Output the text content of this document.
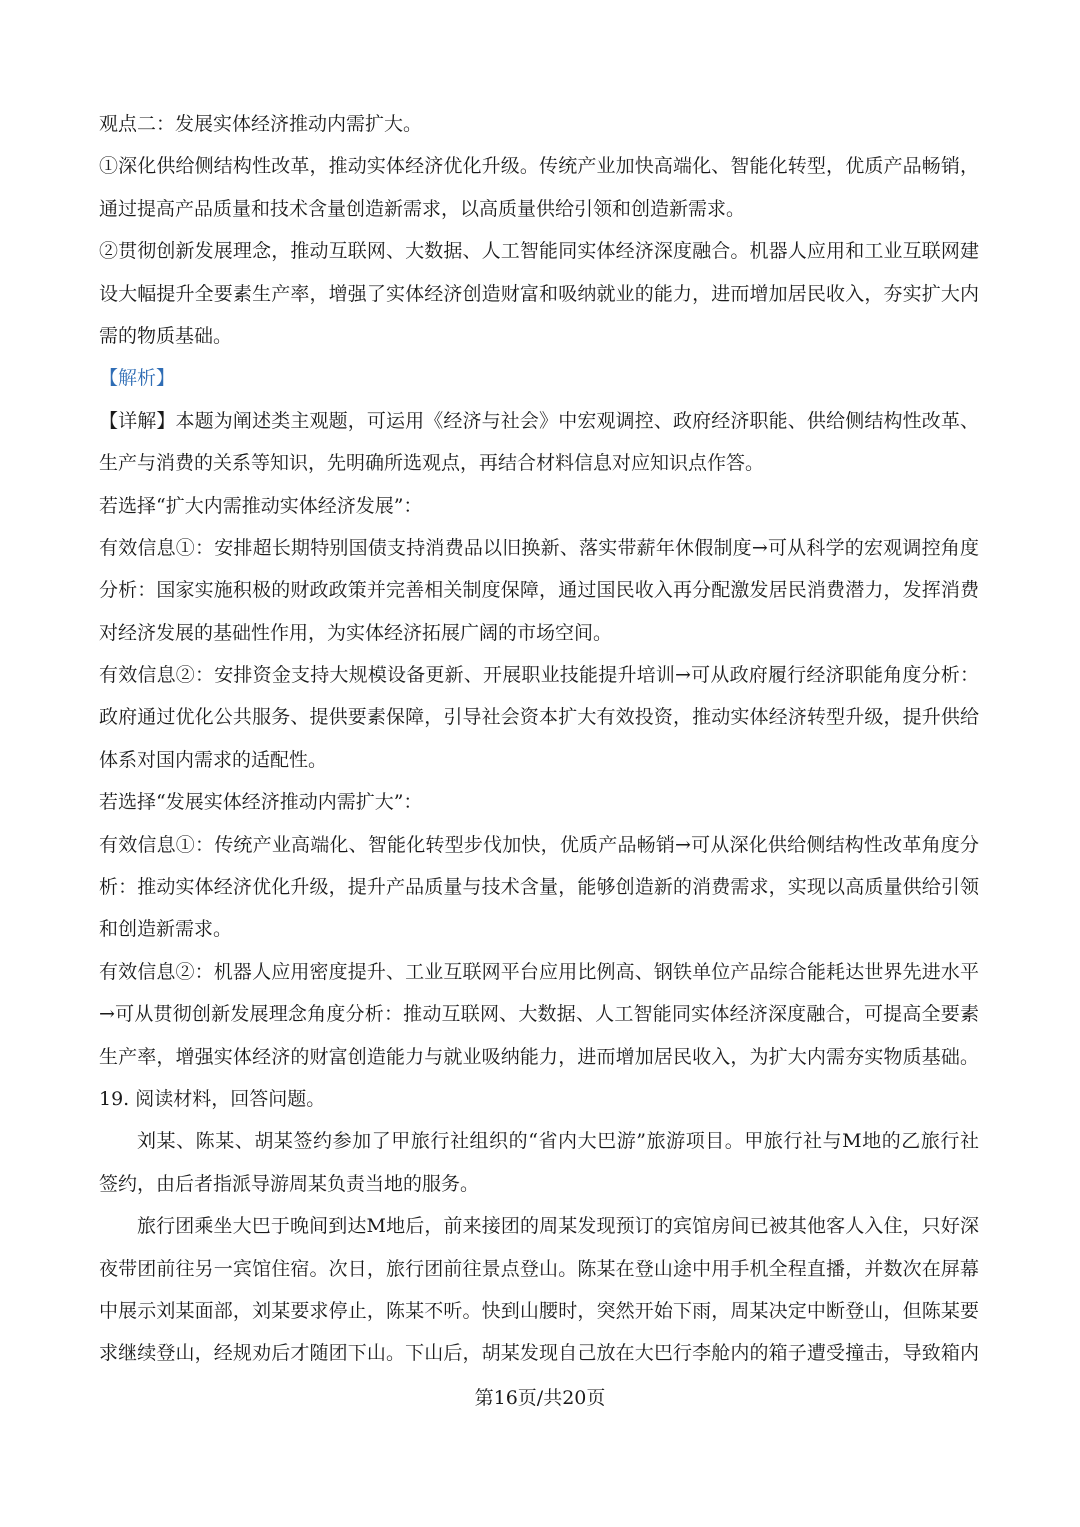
观点二：发展实体经济推动内需扩大。
①深化供给侧结构性改革，推动实体经济优化升级。传统产业加快高端化、智能化转型，优质产品畅销，
通过提高产品质量和技术含量创造新需求，以高质量供给引领和创造新需求。
②贯彻创新发展理念，推动互联网、大数据、人工智能同实体经济深度融合。机器人应用和工业互联网建
设大幅提升全要素生产率，增强了实体经济创造财富和吸纳就业的能力，进而增加居民收入，夯实扩大内
需的物质基础。
【解析】
【详解】本题为阐述类主观题，可运用《经济与社会》中宏观调控、政府经济职能、供给侧结构性改革、
生产与消费的关系等知识，先明确所选观点，再结合材料信息对应知识点作答。
若选择“扩大内需推动实体经济发展”：
有效信息①：安排超长期特别国债支持消费品以旧换新、落实带薪年休假制度→可从科学的宏观调控角度
分析：国家实施积极的财政政策并完善相关制度保障，通过国民收入再分配激发居民消费潜力，发挥消费
对经济发展的基础性作用，为实体经济拓展广阔的市场空间。
有效信息②：安排资金支持大规模设备更新、开展职业技能提升培训→可从政府履行经济职能角度分析：
政府通过优化公共服务、提供要素保障，引导社会资本扩大有效投资，推动实体经济转型升级，提升供给
体系对国内需求的适配性。
若选择“发展实体经济推动内需扩大”：
有效信息①：传统产业高端化、智能化转型步伐加快，优质产品畅销→可从深化供给侧结构性改革角度分
析：推动实体经济优化升级，提升产品质量与技术含量，能够创造新的消费需求，实现以高质量供给引领
和创造新需求。
有效信息②：机器人应用密度提升、工业互联网平台应用比例高、钢铁单位产品综合能耗达世界先进水平
→可从贯彻创新发展理念角度分析：推动互联网、大数据、人工智能同实体经济深度融合，可提高全要素
生产率，增强实体经济的财富创造能力与就业吸纳能力，进而增加居民收入，为扩大内需夯实物质基础。
19. 阅读材料，回答问题。
刘某、陈某、胡某签约参加了甲旅行社组织的“省内大巴游”旅游项目。甲旅行社与M地的乙旅行社
签约，由后者指派导游周某负责当地的服务。
旅行团乘坐大巴于晚间到达M地后，前来接团的周某发现预订的宾馆房间已被其他客人入住，只好深
夜带团前往另一宾馆住宿。次日，旅行团前往景点登山。陈某在登山途中用手机全程直播，并数次在屏幕
中展示刘某面部，刘某要求停止，陈某不听。快到山腰时，突然开始下雨，周某决定中断登山，但陈某要
求继续登山，经规劝后才随团下山。下山后，胡某发现自己放在大巴行李舱内的箱子遭受撞击，导致箱内
第16页/共20页
